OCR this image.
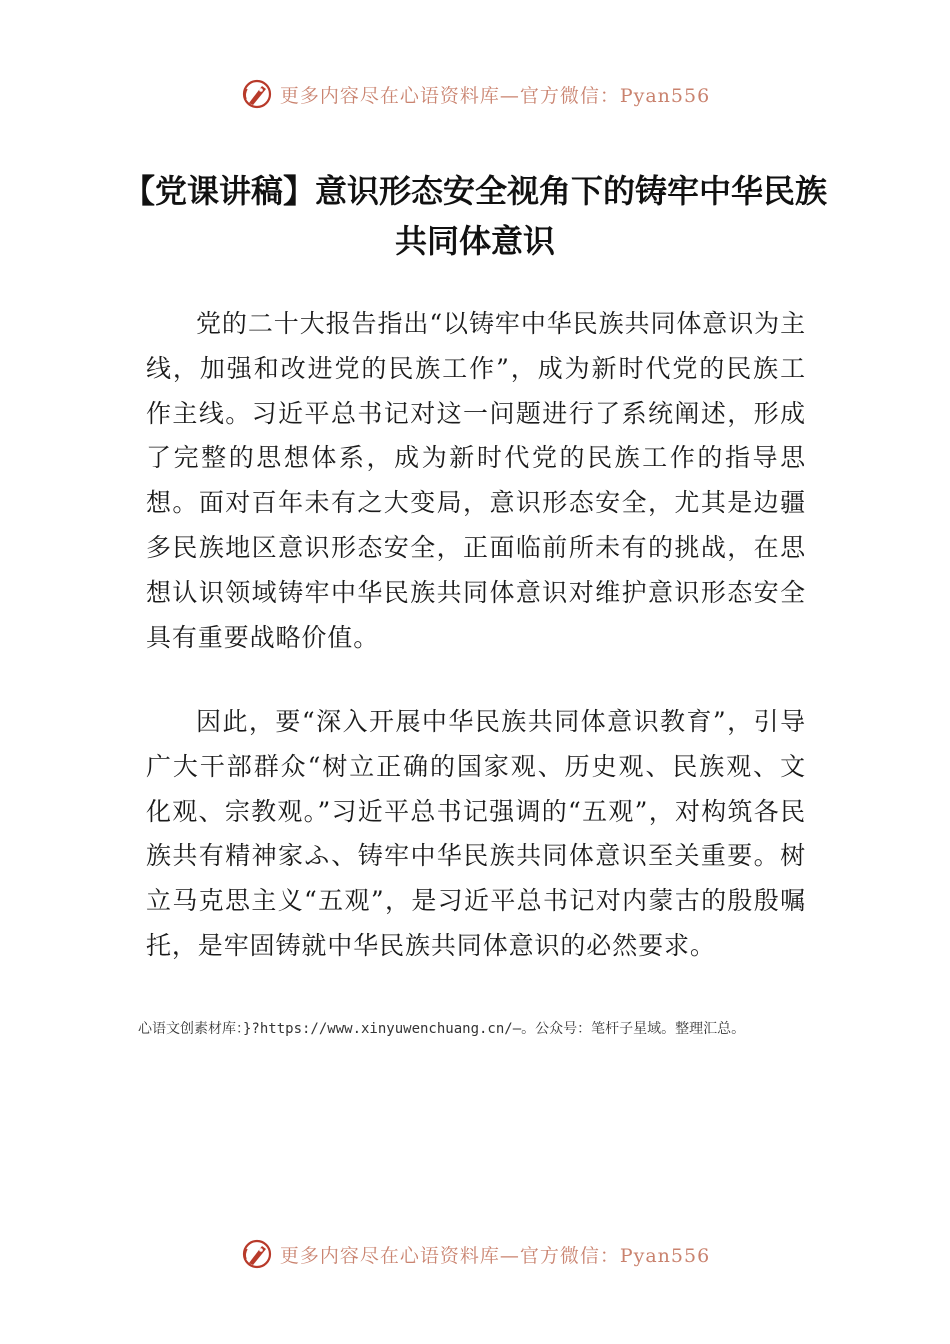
更多内容尽在心语资料库—官方微信：Pyan556
【党课讲稿】意识形态安全视角下的铸牢中华民族共同体意识

党的二十大报告指出“以铸牢中华民族共同体意识为主线，加强和改进党的民族工作”，成为新时代党的民族工作主线。习近平总书记对这一问题进行了系统阐述，形成了完整的思想体系，成为新时代党的民族工作的指导思想。面对百年未有之大变局，意识形态安全，尤其是边疆多民族地区意识形态安全，正面临前所未有的挑战，在思想认识领域铸牢中华民族共同体意识对维护意识形态安全具有重要战略价值。

因此，要“深入开展中华民族共同体意识教育”，引导广大干部群众“树立正确的国家观、历史观、民族观、文化观、宗教观。”习近平总书记强调的“五观”，对构筑各民族共有精神家ふ、铸牢中华民族共同体意识至关重要。树立马克思主义“五观”，是习近平总书记对内蒙古的殷殷嘱托，是牢固铸就中华民族共同体意识的必然要求。

心语文创素材库：}?https://www.xinyuwenchuang.cn/—。公众号：笔杆子星域。整理汇总。

更多内容尽在心语资料库—官方微信：Pyan556
